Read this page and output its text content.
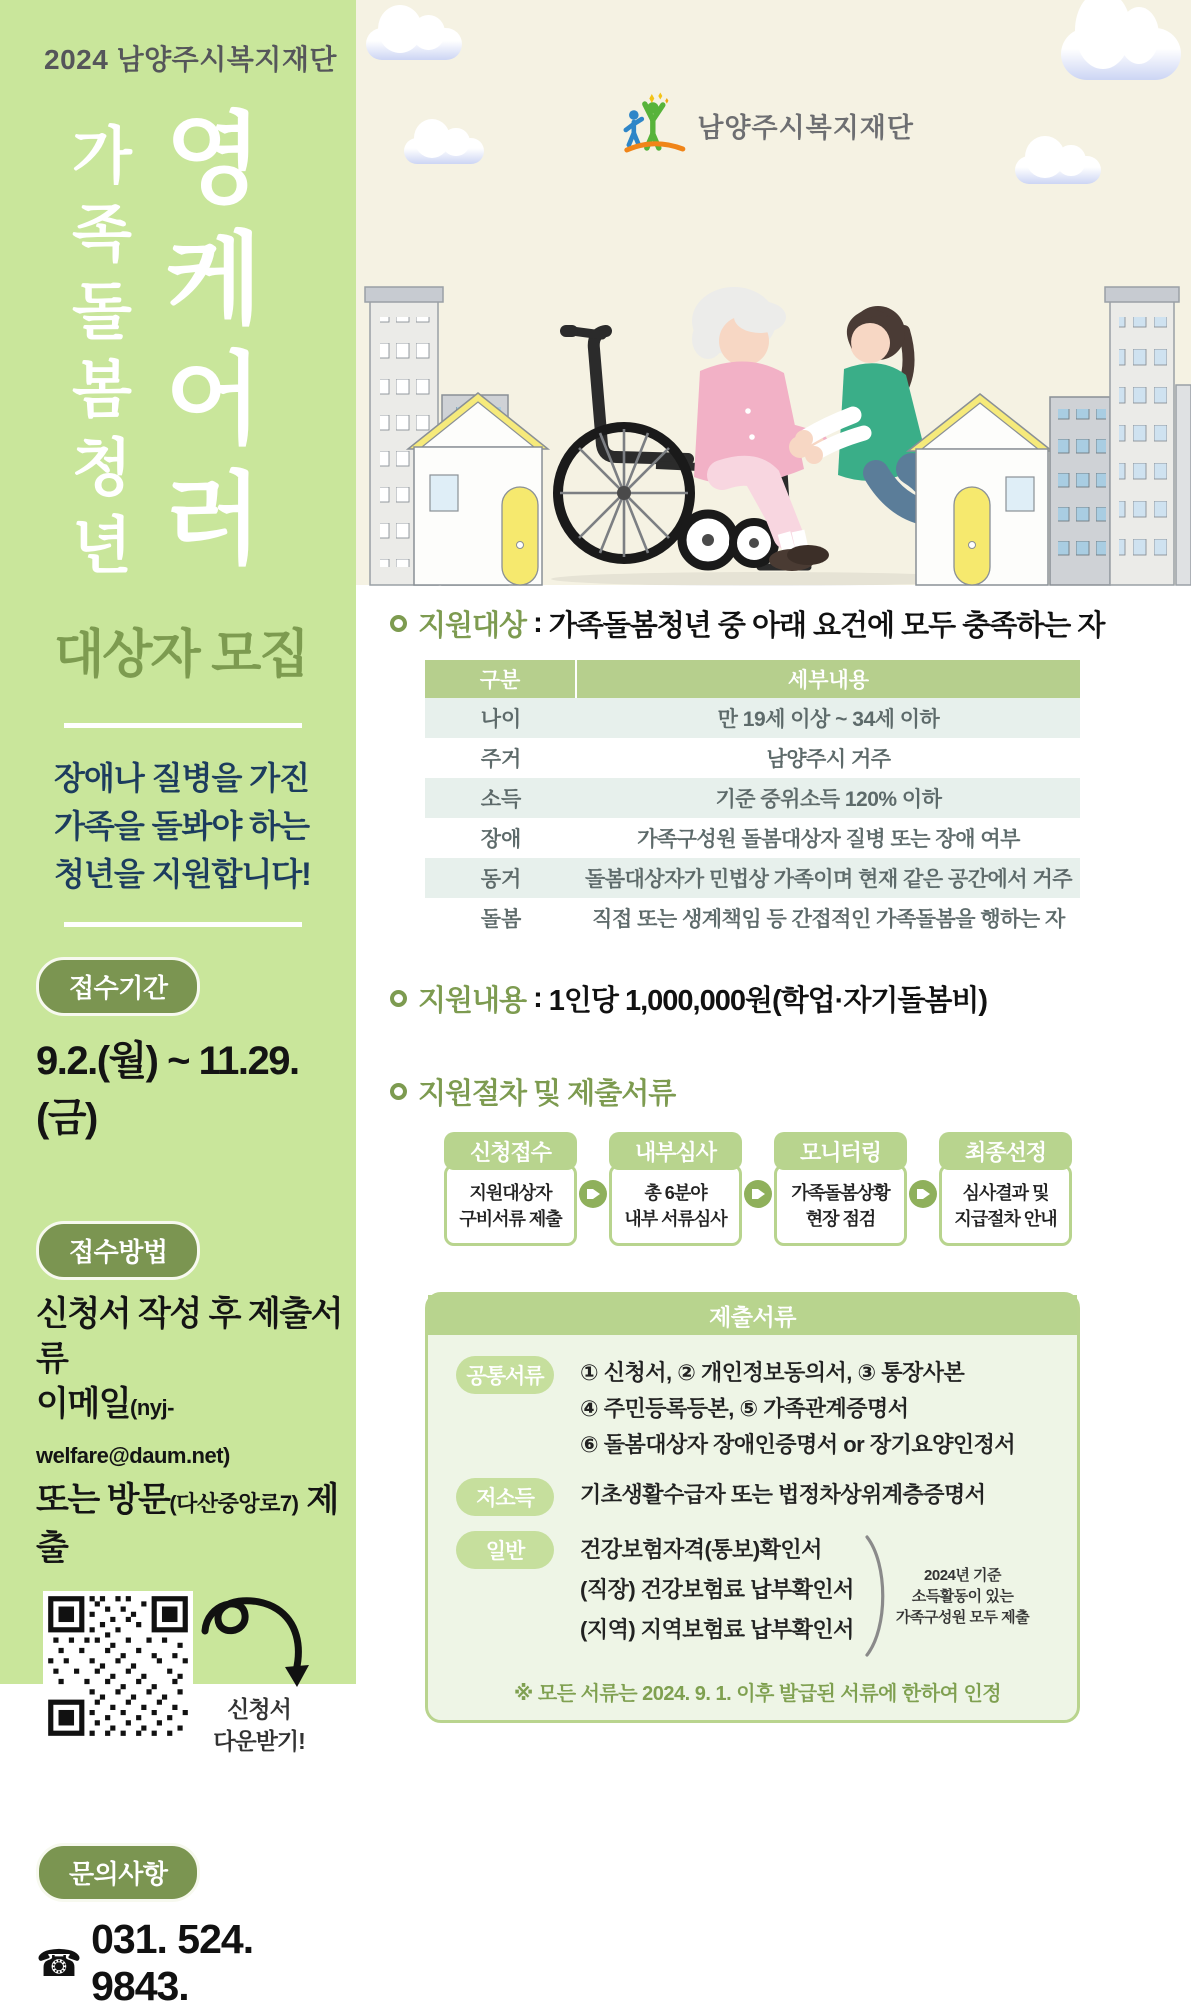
2024 남양주시복지재단
가
족
돌
봄
청
년
영
케
어
러
대상자 모집
장애나 질병을 가진
가족을 돌봐야 하는
청년을 지원합니다!
접수기간
9.2.(월) ~ 11.29.(금)
접수방법
신청서 작성 후 제출서류
이메일(nyj-welfare@daum.net)
또는 방문(다산중앙로7) 제출
신청서
다운받기!
문의사항
☎
031. 524. 9843.
남양주시복지재단
지원대상 : 가족돌봄청년 중 아래 요건에 모두 충족하는 자
구분	세부내용
나이	만 19세 이상 ~ 34세 이하
주거	남양주시 거주
소득	기준 중위소득 120% 이하
장애	가족구성원 돌봄대상자 질병 또는 장애 여부
동거	돌봄대상자가 민법상 가족이며 현재 같은 공간에서 거주
돌봄	직접 또는 생계책임 등 간접적인 가족돌봄을 행하는 자
지원내용 : 1인당 1,000,000원(학업·자기돌봄비)
지원절차 및 제출서류
신청접수
지원대상자
구비서류 제출
내부심사
총 6분야
내부 서류심사
모니터링
가족돌봄상황
현장 점검
최종선정
심사결과 및
지급절차 안내
제출서류
공통서류	① 신청서, ② 개인정보동의서, ③ 통장사본
④ 주민등록등본, ⑤ 가족관계증명서
⑥ 돌봄대상자 장애인증명서 or 장기요양인정서
저소득	기초생활수급자 또는 법정차상위계층증명서
일반	건강보험자격(통보)확인서
(직장) 건강보험료 납부확인서
(지역) 지역보험료 납부확인서
2024년 기준
소득활동이 있는
가족구성원 모두 제출
※ 모든 서류는 2024. 9. 1. 이후 발급된 서류에 한하여 인정
